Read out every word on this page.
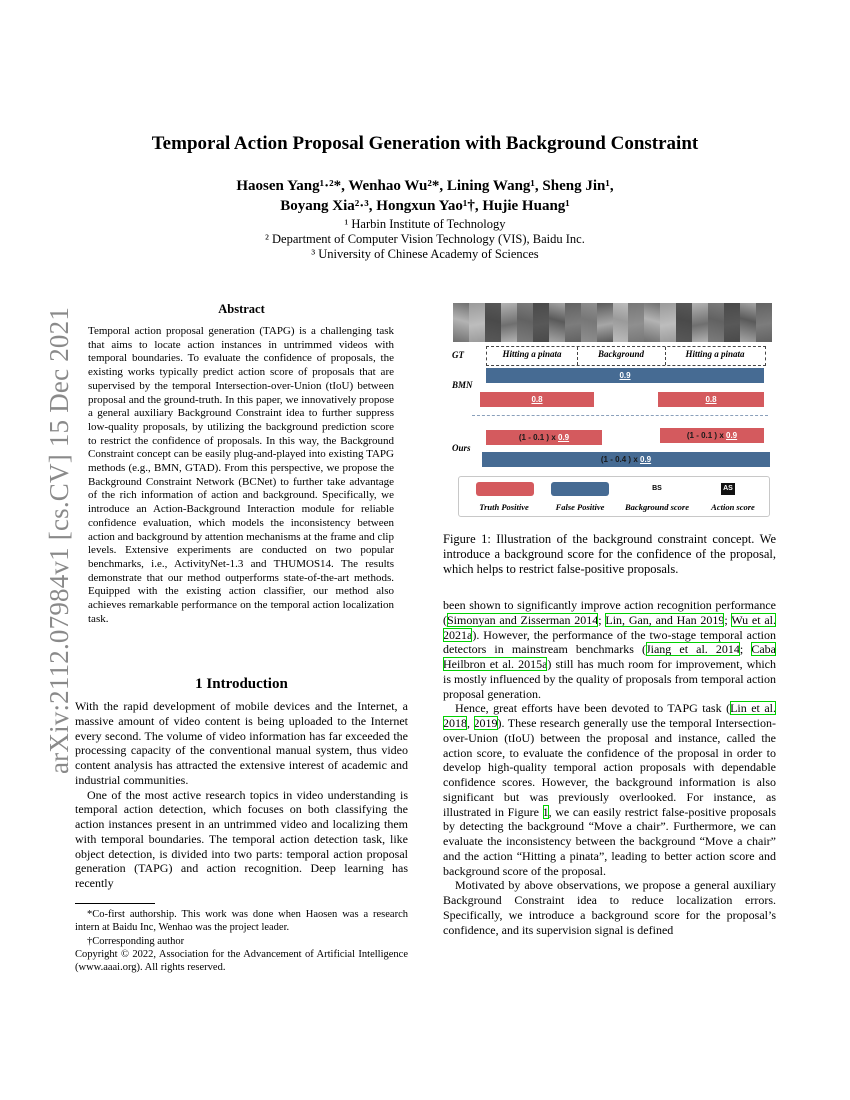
arXiv:2112.07984v1 [cs.CV] 15 Dec 2021
Temporal Action Proposal Generation with Background Constraint
Haosen Yang¹·²*, Wenhao Wu²*, Lining Wang¹, Sheng Jin¹,
Boyang Xia²·³, Hongxun Yao¹†, Hujie Huang¹
¹ Harbin Institute of Technology
² Department of Computer Vision Technology (VIS), Baidu Inc.
³ University of Chinese Academy of Sciences
Abstract
Temporal action proposal generation (TAPG) is a challenging task that aims to locate action instances in untrimmed videos with temporal boundaries. To evaluate the confidence of proposals, the existing works typically predict action score of proposals that are supervised by the temporal Intersection-over-Union (tIoU) between proposal and the ground-truth. In this paper, we innovatively propose a general auxiliary Background Constraint idea to further suppress low-quality proposals, by utilizing the background prediction score to restrict the confidence of proposals. In this way, the Background Constraint concept can be easily plug-and-played into existing TAPG methods (e.g., BMN, GTAD). From this perspective, we propose the Background Constraint Network (BCNet) to further take advantage of the rich information of action and background. Specifically, we introduce an Action-Background Interaction module for reliable confidence evaluation, which models the inconsistency between action and background by attention mechanisms at the frame and clip levels. Extensive experiments are conducted on two popular benchmarks, i.e., ActivityNet-1.3 and THUMOS14. The results demonstrate that our method outperforms state-of-the-art methods. Equipped with the existing action classifier, our method also achieves remarkable performance on the temporal action localization task.
1 Introduction

With the rapid development of mobile devices and the Internet, a massive amount of video content is being uploaded to the Internet every second. The volume of video information has far exceeded the processing capacity of the conventional manual system, thus video content analysis has attracted the extensive interest of academic and industrial communities.

One of the most active research topics in video understanding is temporal action detection, which focuses on both classifying the action instances present in an untrimmed video and localizing them with temporal boundaries. The temporal action detection task, like object detection, is divided into two parts: temporal action proposal generation (TAPG) and action recognition. Deep learning has recently

*Co-first authorship. This work was done when Haosen was a research intern at Baidu Inc, Wenhao was the project leader.

†Corresponding author

Copyright © 2022, Association for the Advancement of Artificial Intelligence (www.aaai.org). All rights reserved.

GT	Hitting a pinata	Background	Hitting a pinata
BMN
0.9
0.8	0.8
Ours
(1 - 0.1 ) x 0.9	(1 - 0.1 ) x 0.9
(1 - 0.4 ) x 0.9
Truth Positive	False Positive
BS
Background score
AS
Action score
Figure 1: Illustration of the background constraint concept. We introduce a background score for the confidence of the proposal, which helps to restrict false-positive proposals.

been shown to significantly improve action recognition performance (Simonyan and Zisserman 2014; Lin, Gan, and Han 2019; Wu et al. 2021a). However, the performance of the two-stage temporal action detectors in mainstream benchmarks (Jiang et al. 2014; Caba Heilbron et al. 2015a) still has much room for improvement, which is mostly influenced by the quality of proposals from temporal action proposal generation.

Hence, great efforts have been devoted to TAPG task (Lin et al. 2018, 2019). These research generally use the temporal Intersection-over-Union (tIoU) between the proposal and instance, called the action score, to evaluate the confidence of the proposal in order to develop high-quality temporal action proposals with dependable confidence scores. However, the background information is also significant but was previously overlooked. For instance, as illustrated in Figure 1, we can easily restrict false-positive proposals by detecting the background “Move a chair”. Furthermore, we can evaluate the inconsistency between the background “Move a chair” and the action “Hitting a pinata”, leading to better action score and background score of the proposal.

Motivated by above observations, we propose a general auxiliary Background Constraint idea to reduce localization errors. Specifically, we introduce a background score for the proposal’s confidence, and its supervision signal is defined
